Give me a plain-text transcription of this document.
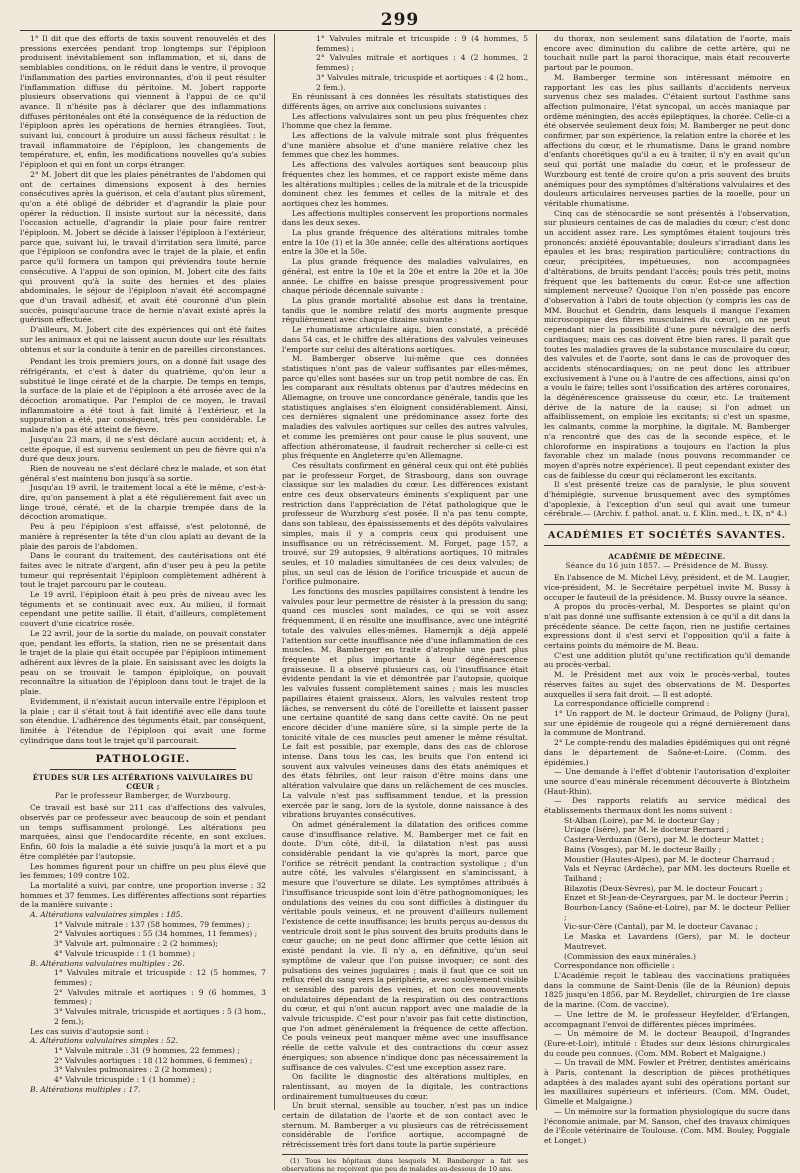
299

1° Il dit que des efforts de taxis souvent renouvelés et des pressions exercées pendant trop longtemps sur l'épiploon produisent inévitablement son inflammation, et si, dans de semblables conditions, on le réduit dans le ventre, il provoque l'inflammation des parties environnantes, d'où il peut résulter l'inflammation diffuse du péritoine. M. Jobert rapporte plusieurs observations qui viennent à l'appui de ce qu'il avance. Il n'hésite pas à déclarer que des inflammations diffuses péritonéales ont été la conséquence de la réduction de l'épiploon après les opérations de hernies étranglées. Tout, suivant lui, concourt à produire un aussi fâcheux résultat : le travail inflammatoire de l'épiploon, les changements de température, et, enfin, les modifications nouvelles qu'a subies l'épiploon et qui en font un corps étranger.

2° M. Jobert dit que les plaies pénétrantes de l'abdomen qui ont de certaines dimensions exposent à des hernies consécutives après la guérison, et cela d'autant plus sûrement, qu'on a été obligé de débrider et d'agrandir la plaie pour opérer la réduction. Il insiste surtout sur la nécessité, dans l'occasion actuelle, d'agrandir la plaie pour faire rentrer l'épiploon. M. Jobert se décide à laisser l'épiploon à l'extérieur, parce que, suivant lui, le travail d'irritation sera limité, parce que l'épiploon se confondra avec le trajet de la plaie, et enfin parce qu'il formera un tampon qui préviendra toute hernie consécutive. A l'appui de son opinion, M. Jobert cite des faits qui prouvent qu'à la suite des hernies et des plaies abdominales, le séjour de l'épiploon n'avait été accompagné que d'un travail adhésif, et avait été couronné d'un plein succès, puisqu'aucune trace de hernie n'avait existé après la guérison effectuée.

D'ailleurs, M. Jobert cite des expériences qui ont été faites sur les animaux et qui ne laissent aucun doute sur les résultats obtenus et sur la conduite à tenir en de pareilles circonstances.

Pendant les trois premiers jours, on a donné fait usage des réfrigérants, et c'est à dater du quatrième, qu'on leur a substitué le linge cératé et de la charpie. De temps en temps, la surface de la plaie et de l'épiploon a été arrosée avec de la décoction aromatique. Par l'emploi de ce moyen, le travail inflammatoire a été tout à fait limité à l'extérieur, et la suppuration a été, par conséquent, très peu considérable. Le malade n'a pas été atteint de fièvre.

Jusqu'au 23 mars, il ne s'est déclaré aucun accident; et, à cette époque, il est survenu seulement un peu de fièvre qui n'a duré que deux jours.

Rien de nouveau ne s'est déclaré chez le malade, et son état général s'est maintenu bon jusqu'à sa sortie.

Jusqu'au 19 avril, le traitement local a été le même, c'est-à-dire, qu'on pansement à plat a été régulièrement fait avec un linge troué, cératé, et de la charpie trempée dans de la décoction aromatique.

Peu à peu l'épiploon s'est affaissé, s'est pelotonné, de manière à représenter la tête d'un clou aplati au devant de la plaie des parois de l'abdomen.

Dans le courant du traitement, des cautérisations ont été faites avec le nitrate d'argent, afin d'user peu à peu la petite tumeur qui représentait l'épiploon complètement adhérent à tout le trajet parcouru par le couteau.

Le 19 avril, l'épiploon était à peu près de niveau avec les téguments et se continuait avec eux. Au milieu, il formait cependant une petite saillie. Il était, d'ailleurs, complètement couvert d'une cicatrice rosée.

Le 22 avril, jour de la sortie du malade, on pouvait constater que, pendant les efforts, la station, rien ne se présentait dans le trajet de la plaie qui était occupée par l'épiploon intimement adhérent aux lèvres de la plaie. En saisissant avec les doigts la peau on se trouvait le tampon épiploïque, on pouvait reconnaître la situation de l'épiploon dans tout le trajet de la plaie.

Evidemment, il n'existait aucun intervalle entre l'épiploon et la plaie ; car il s'était tout à fait identifié avec elle dans toute son étendue. L'adhérence des téguments était, par conséquent, limitée à l'étendue de l'épiploon qui avait une forme cylindrique dans tout le trajet qu'il parcourait.

PATHOLOGIE.
ÉTUDES SUR LES ALTÉRATIONS VALVULAIRES DU CŒUR ;
Par le professeur Bamberger, de Wurzbourg.

Ce travail est basé sur 211 cas d'affections des valvules, observés par ce professeur avec beaucoup de soin et pendant un temps suffisamment prolongé. Les altérations peu marquées, ainsi que l'endocardite récente, en sont exclues. Enfin, 60 fois la maladie a été suivie jusqu'à la mort et a pu être complétée par l'autopsie.

Les hommes figurent pour un chiffre un peu plus élevé que les femmes; 109 contre 102.

La mortalité a suivi, par contre, une proportion inverse : 32 hommes et 37 femmes. Les différentes affections sont réparties de la manière suivante :

A. Altérations valvulaires simples : 185.

1° Valvule mitrale : 137 (58 hommes, 79 femmes) ;

2° Valvules aortiques : 55 (34 hommes, 11 femmes) ;

3° Valvule art. pulmonaire : 2 (2 hommes);

4° Valvule tricuspide : 1 (1 homme) ;

B. Altérations valvulaires multiples : 26.

1° Valvules mitrale et tricuspide : 12 (5 hommes, 7 femmes) ;

2° Valvules mitrale et aortiques : 9 (6 hommes, 3 femmes) ;

3° Valvules mitrale, tricuspide et aortiques : 5 (3 hom., 2 fem.);

Les cas suivis d'autopsie sont :

A. Altérations valvulaires simples : 52.

1° Valvule mitrale : 31 (9 hommes, 22 femmes) ;

2° Valvules aortiques : 18 (12 hommes, 6 femmes) ;

3° Valvules pulmonaires : 2 (2 hommes) ;

4° Valvule tricuspide : 1 (1 homme) ;

B. Altérations multiples : 17.

1° Valvules mitrale et tricuspide : 9 (4 hommes, 5 femmes) ;

2° Valvules mitrale et aortiques : 4 (2 hommes, 2 femmes) ;

3° Valvules mitrale, tricuspide et aortiques : 4 (2 hom., 2 fem.).

En réunissant à ces données les résultats statistiques des différents âges, on arrive aux conclusions suivantes :

Les affections valvulaires sont un peu plus fréquentes chez l'homme que chez la femme.

Les affections de la valvule mitrale sont plus fréquentes d'une manière absolue et d'une manière relative chez les femmes que chez les hommes.

Les affections des valvules aortiques sont beaucoup plus fréquentes chez les hommes, et ce rapport existe même dans les altérations multiples ; celles de la mitrale et de la tricuspide dominent chez les femmes et celles de la mitrale et des aortiques chez les hommes.

Les affections multiples conservent les proportions normales dans les deux sexes.

La plus grande fréquence des altérations mitrales tombe entre la 10e (1) et la 30e année; celle des altérations aortiques entre la 30e et la 50e.

La plus grande fréquence des maladies valvulaires, en général, est entre la 10e et la 20e et entre la 20e et la 30e année. Le chiffre en baisse presque progressivement pour chaque période décennale suivante :

La plus grande mortalité absolue est dans la trentaine, tandis que le nombre relatif des morts augmente presque régulièrement avec chaque dizaine suivante :

Le rhumatisme articulaire aigu, bien constaté, a précédé dans 54 cas, et le chiffre des altérations des valvules veineuses l'emporte sur celui des altérations aortiques.

M. Bamberger observe lui-même que ces données statistiques n'ont pas de valeur suffisantes par elles-mêmes, parce qu'elles sont basées sur un trop petit nombre de cas. En les comparant aux résultats obtenus par d'autres médecins en Allemagne, on trouve une concordance générale, tandis que les statistiques anglaises s'en éloignent considérablement. Ainsi, ces dernières signalent une prédominance assez forte des maladies des valvules aortiques sur celles des autres valvules, et comme les premières ont pour cause le plus souvent, une affection athéromateuse, il faudrait rechercher si celle-ci est plus fréquente en Angleterre qu'en Allemagne.

Ces résultats confirment en général ceux qui ont été publiés par le professeur Forget, de Strasbourg, dans son ouvrage classique sur les maladies du cœur. Les différences existant entre ces deux observateurs éminents s'expliquent par une restriction dans l'appréciation de l'état pathologique que le professeur de Wurzburg s'est posée. Il n'a pas tenu compte, dans son tableau, des épaississements et des dépôts valvulaires simples, mais il y a compris ceux qui produisent une insuffisance ou un rétrécissement. M. Forget, page 157, a trouvé, sur 29 autopsies, 9 altérations aortiques, 10 mitrales seules, et 10 maladies simultanées de ces deux valvules; de plus, un seul cas de lésion de l'orifice tricuspide et aucun de l'orifice pulmonaire.

Les fonctions des muscles papillaires consistent à tendre les valvules pour leur permettre de résister à la pression du sang; quand ces muscles sont malades, ce qui se voit assez fréquemment, il en résulte une insuffisance, avec une intégrité totale des valvules elles-mêmes. Hamernjk a déjà appelé l'attention sur cette insuffisance née d'une inflammation de ces muscles. M. Bamberger en traite d'atrophie une part plus fréquente et plus importante à leur dégénérescence graisseuse. Il a observé plusieurs cas, où l'insuffisance était évidente pendant la vie et démontrée par l'autopsie, quoique les valvules fussent complètement saines ; mais les muscles papillaires étaient graisseux. Alors, les valvules restent trop lâches, se renversent du côté de l'oreillette et laissent passer une certaine quantité de sang dans cette cavité. On ne peut encore décider d'une manière sûre, si la simple perte de la tonicité vitale de ces muscles peut amener le même résultat. Le fait est possible, par exemple, dans des cas de chlorose intense. Dans tous les cas, les bruits que l'on entend ici souvent aux valvules veineuses dans des états anémiques et des états fébriles, ont leur raison d'être moins dans une altération valvulaire que dans un relâchement de ces muscles. La valvule n'est pas suffisamment tendue, et la pression exercée par le sang, lors de la systole, donne naissance à des vibrations bruyantes consécutives.

On admet généralement la dilatation des orifices comme cause d'insuffisance relative. M. Bamberger met ce fait en doute. D'un côté, dit-il, la dilatation n'est pas aussi considérable pendant la vie qu'après la mort, parce que l'orifice se rétrécit pendant la contraction systolique ; d'un autre côté, les valvules s'élargissent en s'amincissant, à mesure que l'ouverture se dilate. Les symptômes attribués à l'insuffisance tricuspide sont loin d'être pathognomoniques; les ondulations des veines du cou sont difficiles à distinguer du véritable pouls veineux, et ne prouvent d'ailleurs nullement l'existence de cette insuffisance; les bruits perçus au-dessus du ventricule droit sont le plus souvent des bruits produits dans le cœur gauche; on ne peut donc affirmer que cette lésion ait existé pendant la vie. Il n'y a, en définitive, qu'un seul symptôme de valeur que l'on puisse invoquer; ce sont des pulsations des veines jugulaires ; mais il faut que ce soit un reflux réel du sang vers la périphérie, avec soulèvement visible et sensible des parois des veines, et non ces mouvements ondulatoires dépendant de la respiration ou des contractions du cœur, et qui n'ont aucun rapport avec une maladie de la valvule tricuspide. C'est pour n'avoir pas fait cette distinction, que l'on admet généralement la fréquence de cette affection. Ce pouls veineux peut manquer même avec une insuffisance réelle de cette valvule et des contractions du cœur assez énergiques; son absence n'indique donc pas nécessairement la suffisance de ces valvules. C'est une exception assez rare.

On facilite le diagnostic des altérations multiples, en ralentissant, au moyen de la digitale, les contractions ordinairement tumultueuses du cœur.

Un bruit sternal, sensible au toucher, n'est pas un indice certain de dilatation de l'aorte et de son contact avec le sternum. M. Bamberger a vu plusieurs cas de rétrécissement considérable de l'orifice aortique, accompagné de rétrécissement très fort dans toute la partie supérieure

(1) Tous les hôpitaux dans lesquels M. Bamberger a fait ses observations ne reçoivent que peu de malades au-dessous de 10 ans.

du thorax, non seulement sans dilatation de l'aorte, mais encore avec diminution du calibre de cette artère, qui ne touchait nulle part la paroi thoracique, mais était recouverte partout par le poumon.

M. Bamberger termine son intéressant mémoire en rapportant les cas les plus saillants d'accidents nerveux survenus chez ses malades. C'étaient surtout l'asthme sans affection pulmonaire, l'état syncopal, un accès maniaque par ordème méningien, des accès épileptiques, la chorée. Celle-ci a été observée seulement deux fois; M. Bamberger ne peut donc confirmer, par son expérience, la relation entre la chorée et les affections du cœur, et le rhumatisme. Dans le grand nombre d'enfants chorétiques qu'il a eu à traiter, il n'y en avait qu'un seul qui portât une maladie du cœur, et le professeur de Wurzbourg est tenté de croire qu'on a pris souvent des bruits anémiques pour des symptômes d'altérations valvulaires et des douleurs articulaires nerveuses parties de la moelle, pour un véritable rhumatisme.

Cinq cas de sténocardie se sont présentés à l'observation, sur plusieurs centaines de cas de maladies du cœur; c'est donc un accident assez rare. Les symptômes étaient toujours très prononcés: anxiété épouvantable; douleurs s'irradiant dans les épaules et les bras; respiration particulière; contractions du cœur, précipitées, impétueuses, non accompagnées d'altérations, de bruits pendant l'accès; pouls très petit, moins fréquent que les battements du cœur. Est-ce une affection simplement nerveuse? Quoique l'on n'en possède pas encore d'observation à l'abri de toute objection (y compris les cas de MM. Bouchut et Gendrin, dans lesquels il manque l'examen microscopique des fibres musculaires du cœur), on ne peut cependant nier la possibilité d'une pure névralgie des nerfs cardiaques; mais ces cas doivent être bien rares. Il paraît que toutes les maladies graves de la substance musculaire du cœur, des valvules et de l'aorte, sont dans le cas de provoquer des accidents sténocardiaques; on ne peut donc les attribuer exclusivement à l'une ou à l'autre de ces affections, ainsi qu'on a voulu le faire; telles sont l'ossification des artères coronaires, la dégénérescence graisseuse du cœur, etc. Le traitement dérive de la nature de la cause; si l'on admet un affaiblissement, on emploie les excitants; si c'est un spasme, les calmants, comme la morphine, la digitale. M. Bamberger n'a rencontré que des cas de la seconde espèce, et le chloroforme en inspirations a toujours eu l'action la plus favorable chez un malade (nous pouvons recommander ce moyen d'après notre expérience). Il peut cependant exister des cas de faiblesse du cœur qui réclameront les excitants.

Il s'est présenté treize cas de paralysie, le plus souvent d'hémiplégie, survenue brusquement avec des symptômes d'apoplexie, à l'exception d'un seul qui avait une tumeur cérébrale.— (Archiv. f. pathol. anat. u. f. Klin. med., t. IX, n° 4.)

ACADÉMIES ET SOCIÉTÉS SAVANTES.
ACADÉMIE DE MÉDECINE.
Séance du 16 juin 1857. — Présidence de M. Bussy.

En l'absence de M. Michel Lévy, président, et de M. Laugier, vice-président, M. le Secrétaire perpétuel invite M. Bussy à occuper le fauteuil de la présidence. M. Bussy ouvre la séance.

A propos du procès-verbal, M. Desportes se plaint qu'on n'ait pas donné une suffisante extension à ce qu'il a dit dans la précédente séance. De cette façon, rien ne justifie certaines expressions dont il s'est servi et l'opposition qu'il a faite à certains points du mémoire de M. Beau.

C'est une addition plutôt qu'une rectification qu'il demande au procès-verbal.

M. le Président met aux voix le procès-verbal, toutes réserves faites au sujet des observations de M. Desportes auxquelles il sera fait droit. — Il est adopté.

La correspondance officielle comprend :

1° Un rapport de M. le docteur Grimaud, de Poligny (Jura), sur une épidémie de rougeole qui a régné dernièrement dans la commune de Montrand.

2° Le compte-rendu des maladies épidémiques qui ont régné dans le département de Saône-et-Loire. (Comm. des épidémies.)

— Une demande à l'effet d'obtenir l'autorisation d'exploiter une source d'eau minérale récemment découverte à Blotzheim (Haut-Rhin).

— Des rapports relatifs au service médical des établissements thermaux dont les noms suivent :

St-Alban (Loire), par M. le docteur Gay ;

Uriage (Isère), par M. le docteur Bernard ;

Castera-Verduzan (Gers), par M. le docteur Mattet ;

Bains (Vosges), par M. le docteur Bailly ;

Moustier (Hautes-Alpes), par M. le docteur Charraud ;

Vals et Neyrac (Ardèche), par MM. les docteurs Ruelle et Tailhand ;

Bilazotis (Deux-Sèvres), par M. le docteur Foucart ;

Enzet et St-Jean-de-Ceyrargues, par M. le docteur Perrin ;

Bourbon-Lancy (Saône-et-Loire), par M. le docteur Pellier ;

Vic-sur-Cère (Cantal), par M. le docteur Cavanac ;

Le Maska et Lavardens (Gers), par M. le docteur Mautrevet.

(Commission des eaux minérales.)

Correspondance non officielle :

L'Académie reçoit le tableau des vaccinations pratiquées dans la commune de Saint-Denis (île de la Réunion) depuis 1825 jusqu'en 1856, par M. Reydellet, chirurgien de 1re classe de la marine. (Com. de vaccine).

— Une lettre de M. le professeur Heyfelder, d'Erlangen, accompagnant l'envoi de différentes pièces imprimées.

— Un mémoire de M. le docteur Beaupoil, d'Ingrandes (Eure-et-Loir), intitulé : Études sur deux lésions chirurgicales du coude peu connues. (Com. MM. Robert et Malgaigne.)

— Un travail de MM. Fowler et Prétrer, dentistes américains à Paris, contenant la description de pièces prothétiques adaptées à des malades ayant subi des opérations portant sur les maxillaires supérieurs et inférieurs. (Com. MM. Oudet, Gimelle et Malgaigne.)

— Un mémoire sur la formation physiologique du sucre dans l'économie animale, par M. Sanson, chef des travaux chimiques de l'École vétérinaire de Toulouse. (Com. MM. Bouley, Poggiale et Longet.)
